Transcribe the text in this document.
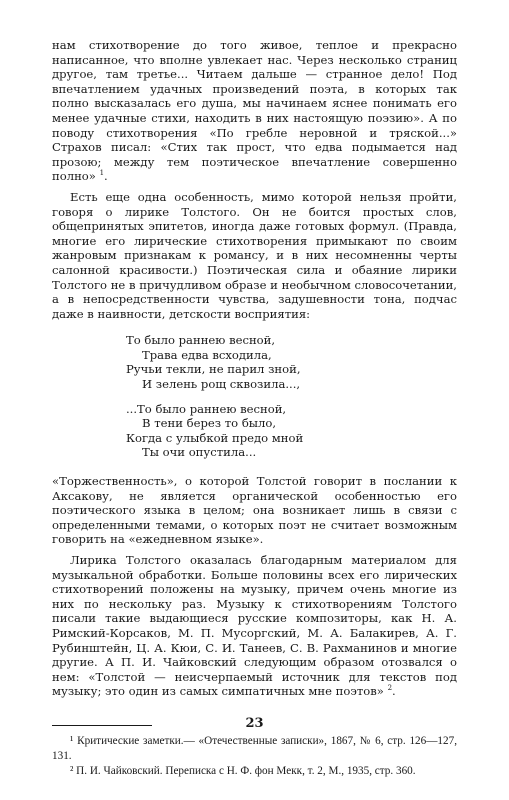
нам стихотворение до того живое, теплое и прекрасно написанное, что вполне увлекает нас. Через несколько страниц другое, там третье... Читаем дальше — странное дело! Под впечатлением удачных произведений поэта, в которых так полно высказалась его душа, мы начинаем яснее понимать его менее удачные стихи, находить в них настоящую поэзию». А по поводу стихотворения «По гребле неровной и тряской...» Страхов писал: «Стих так прост, что едва подымается над прозою; между тем поэтическое впечатление совершенно полно» $^1$.

Есть еще одна особенность, мимо которой нельзя пройти, говоря о лирике Толстого. Он не боится простых слов, общепринятых эпитетов, иногда даже готовых формул. (Правда, многие его лирические стихотворения примыкают по своим жанровым признакам к романсу, и в них несомненны черты салонной красивости.) Поэтическая сила и обаяние лирики Толстого не в причудливом образе и необычном словосочетании, а в непосредственности чувства, задушевности тона, подчас даже в наивности, детскости восприятия:

То было раннею весной,
Трава едва всходила,
Ручьи текли, не парил зной,
И зелень рощ сквозила...,
...То было раннею весной,
В тени берез то было,
Когда с улыбкой предо мной
Ты очи опустила...

«Торжественность», о которой Толстой говорит в послании к Аксакову, не является органической особенностью его поэтического языка в целом; она возникает лишь в связи с определенными темами, о которых поэт не считает возможным говорить на «ежедневном языке».

Лирика Толстого оказалась благодарным материалом для музыкальной обработки. Больше половины всех его лирических стихотворений положены на музыку, причем очень многие из них по нескольку раз. Музыку к стихотворениям Толстого писали такие выдающиеся русские композиторы, как Н. А. Римский-Корсаков, М. П. Мусоргский, М. А. Балакирев, А. Г. Рубинштейн, Ц. А. Кюи, С. И. Танеев, С. В. Рахманинов и многие другие. А П. И. Чайковский следующим образом отозвался о нем: «Толстой — неисчерпаемый источник для текстов под музыку; это один из самых симпатичных мне поэтов» $^2$.

¹ Критические заметки.— «Отечественные записки», 1867, № 6, стр. 126—127, 131.

² П. И. Чайковский. Переписка с Н. Ф. фон Мекк, т. 2, М., 1935, стр. 360.

23
